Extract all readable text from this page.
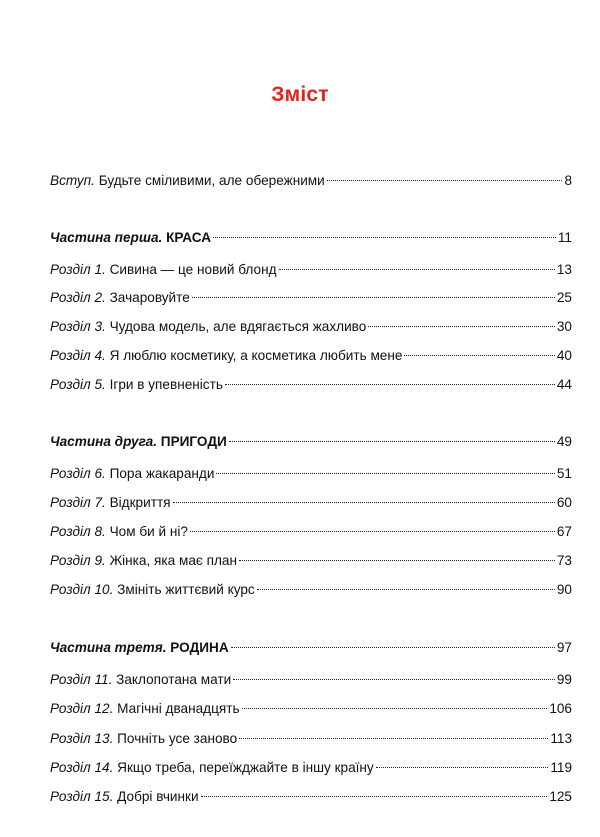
Зміст
Вступ. Будьте сміливими, але обережними	8
Частина перша. КРАСА	11
Розділ 1. Сивина — це новий блонд	13
Розділ 2. Зачаровуйте	25
Розділ 3. Чудова модель, але вдягається жахливо	30
Розділ 4. Я люблю косметику, а косметика любить мене	40
Розділ 5. Ігри в упевненість	44
Частина друга. ПРИГОДИ	49
Розділ 6. Пора жакаранди	51
Розділ 7. Відкриття	60
Розділ 8. Чом би й ні?	67
Розділ 9. Жінка, яка має план	73
Розділ 10. Змініть життєвий курс	90
Частина третя. РОДИНА	97
Розділ 11. Заклопотана мати	99
Розділ 12. Магічні дванадцять	106
Розділ 13. Почніть усе заново	113
Розділ 14. Якщо треба, переїжджайте в іншу країну	119
Розділ 15. Добрі вчинки	125
